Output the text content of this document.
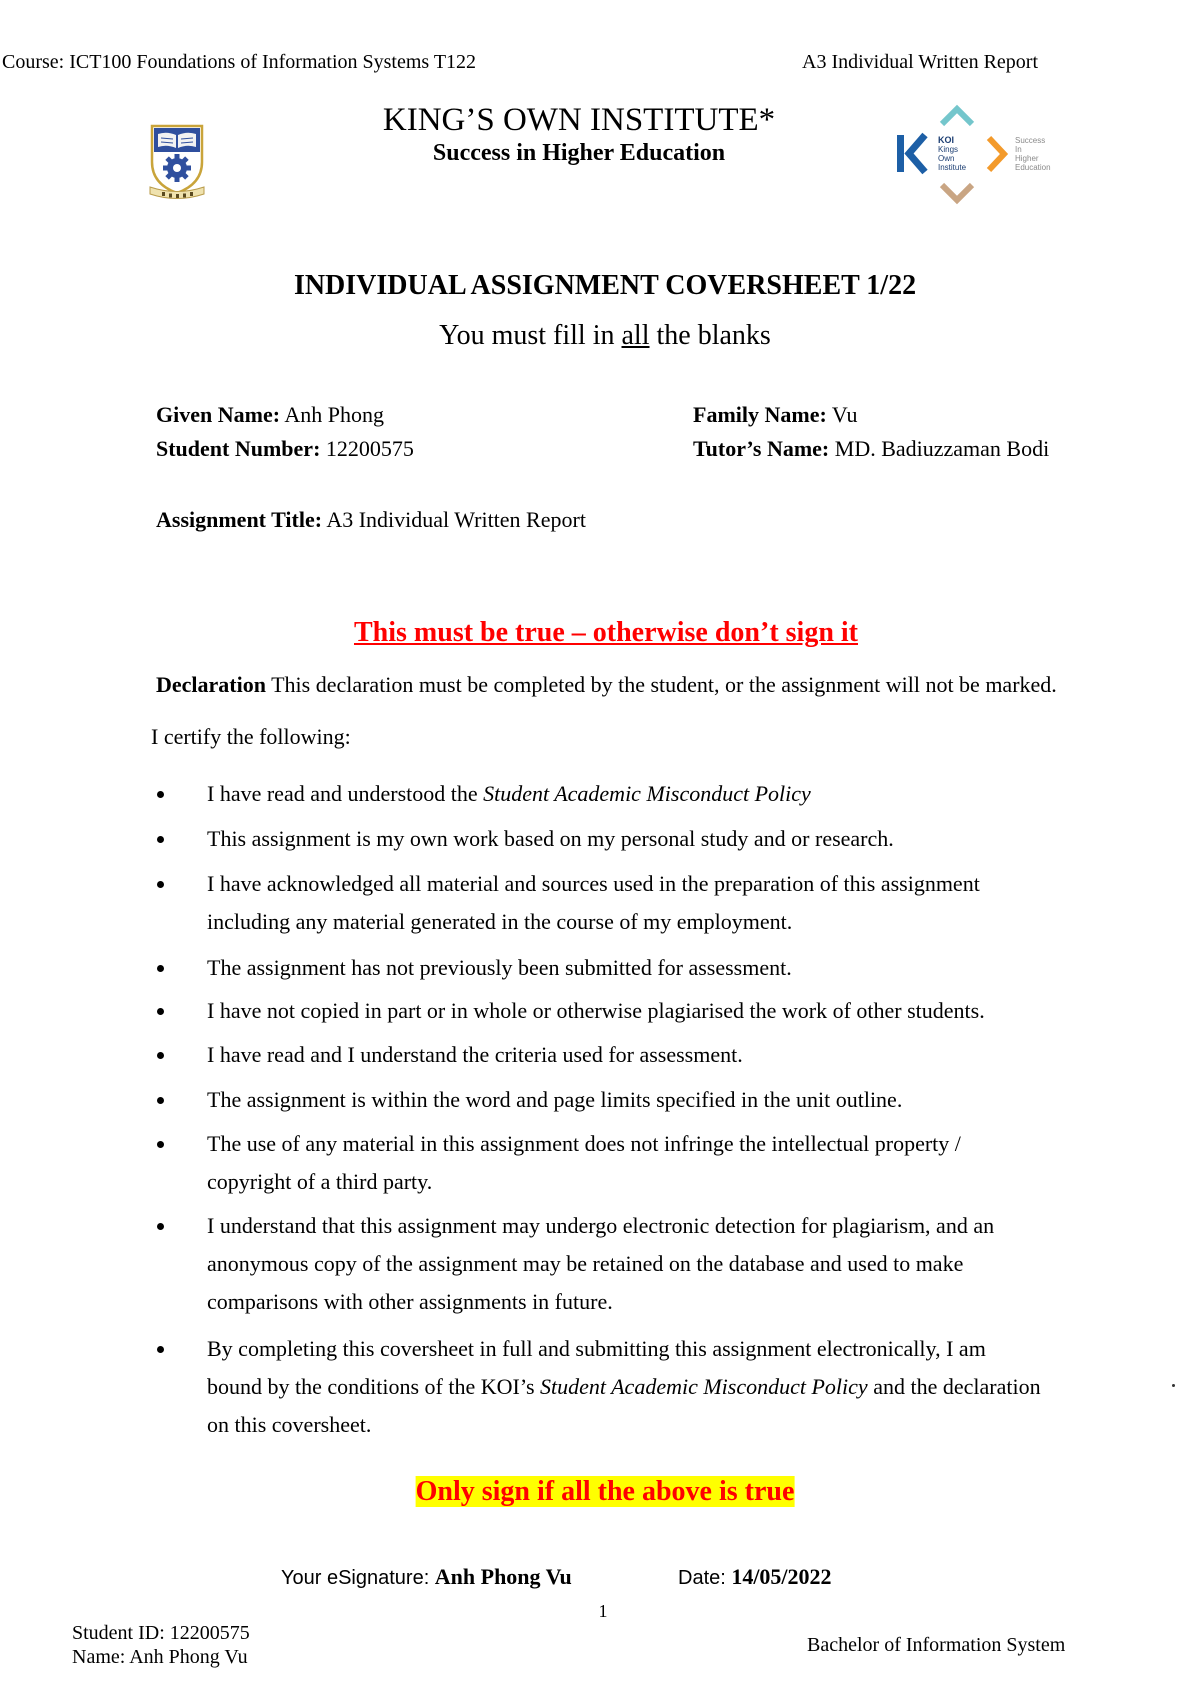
Course: ICT100 Foundations of Information Systems T122	A3 Individual Written Report
KING’S OWN INSTITUTE*
Success in Higher Education	KOI
Kings
Own
Institute
Success
In
Higher
Education
INDIVIDUAL ASSIGNMENT COVERSHEET 1/22
You must fill in all the blanks
Given Name: Anh Phong	Family Name: Vu
Student Number: 12200575	Tutor’s Name: MD. Badiuzzaman Bodi
Assignment Title: A3 Individual Written Report
This must be true – otherwise don’t sign it
Declaration This declaration must be completed by the student, or the assignment will not be marked.
I certify the following:
I have read and understood the Student Academic Misconduct Policy
This assignment is my own work based on my personal study and or research.
I have acknowledged all material and sources used in the preparation of this assignment
including any material generated in the course of my employment.
The assignment has not previously been submitted for assessment.
I have not copied in part or in whole or otherwise plagiarised the work of other students.
I have read and I understand the criteria used for assessment.
The assignment is within the word and page limits specified in the unit outline.
The use of any material in this assignment does not infringe the intellectual property /
copyright of a third party.
I understand that this assignment may undergo electronic detection for plagiarism, and an
anonymous copy of the assignment may be retained on the database and used to make
comparisons with other assignments in future.
By completing this coversheet in full and submitting this assignment electronically, I am
bound by the conditions of the KOI’s Student Academic Misconduct Policy and the declaration
on this coversheet.
Only sign if all the above is true
Your eSignature: Anh Phong Vu	Date: 14/05/2022
1
Student ID: 12200575
Name: Anh Phong Vu
Bachelor of Information System
